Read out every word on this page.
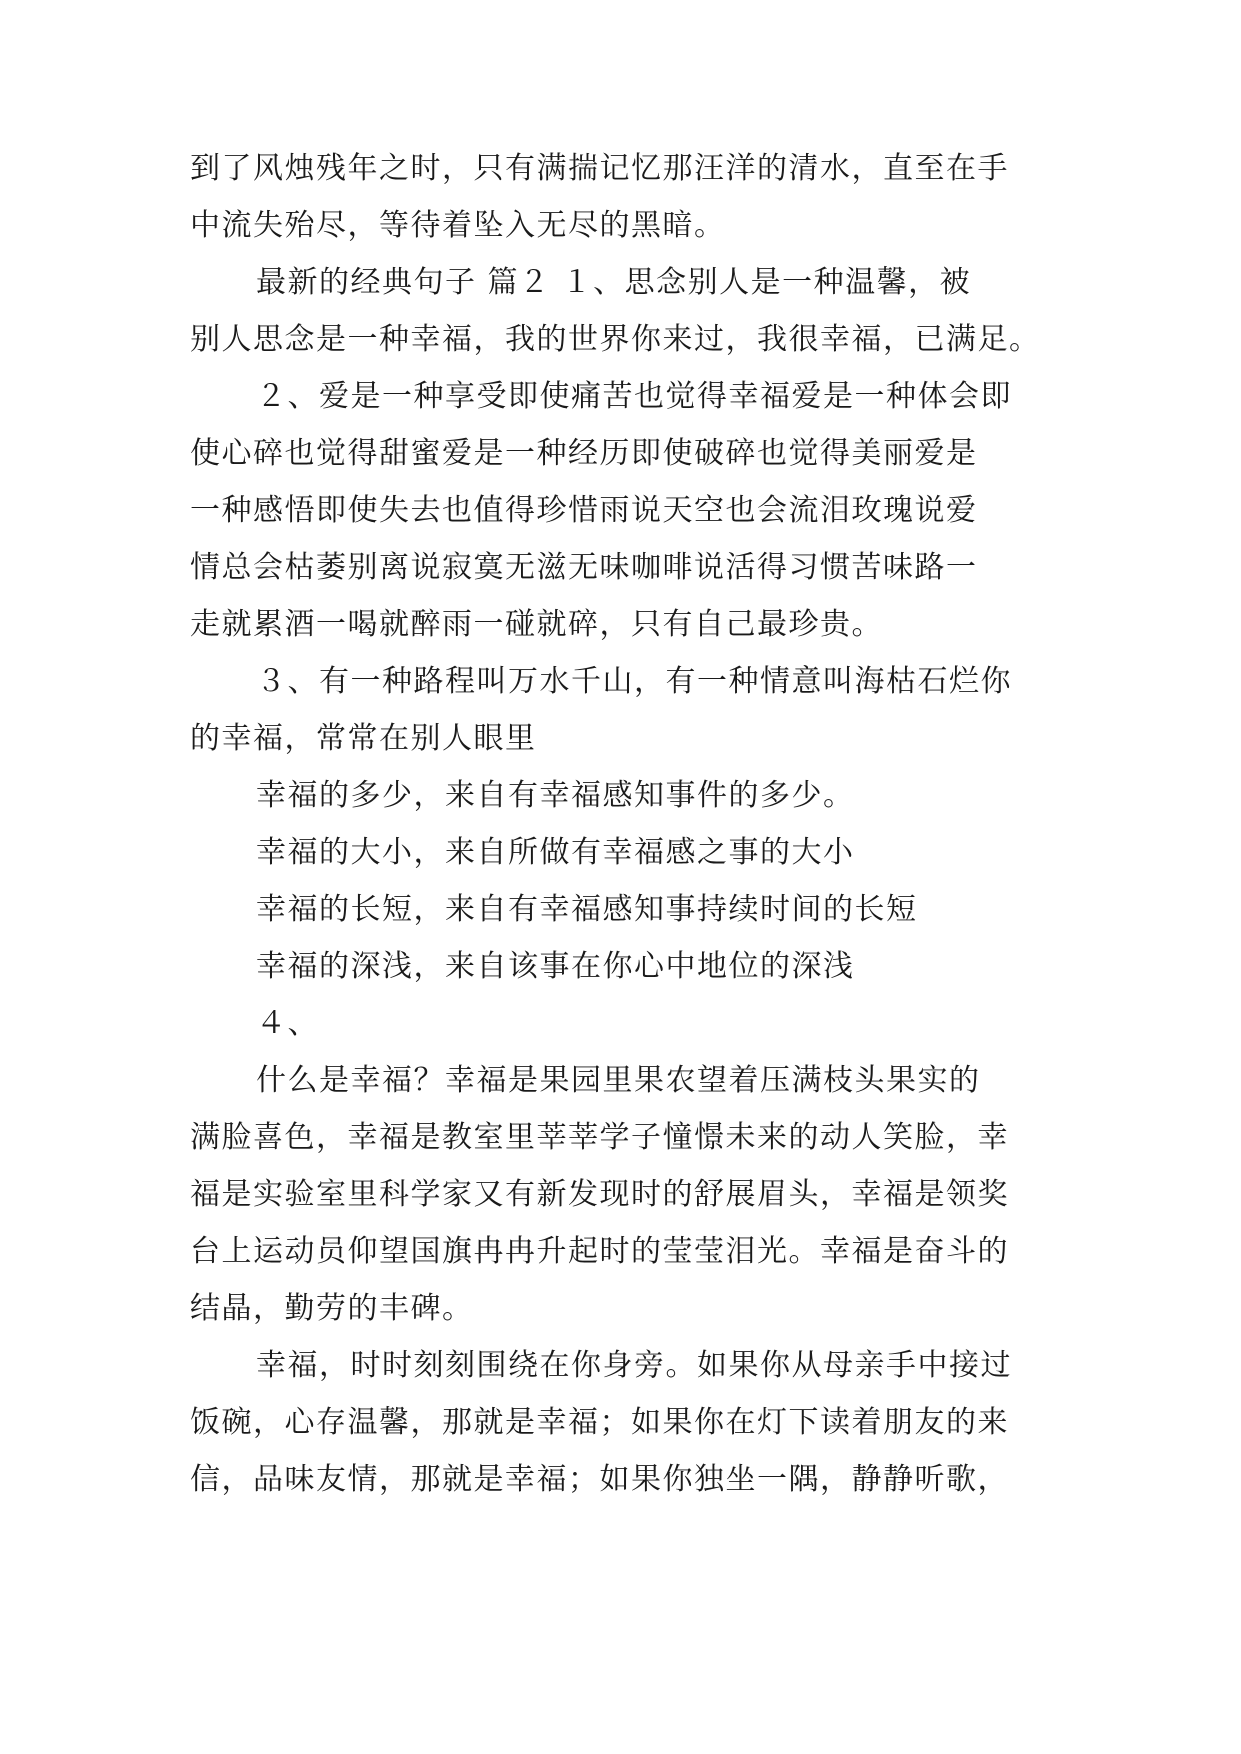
到了风烛残年之时，只有满揣记忆那汪洋的清水，直至在手
中流失殆尽，等待着坠入无尽的黑暗。
最新的经典句子 篇２ １、思念别人是一种温馨，被
别人思念是一种幸福，我的世界你来过，我很幸福，已满足。
２、爱是一种享受即使痛苦也觉得幸福爱是一种体会即
使心碎也觉得甜蜜爱是一种经历即使破碎也觉得美丽爱是
一种感悟即使失去也值得珍惜雨说天空也会流泪玫瑰说爱
情总会枯萎别离说寂寞无滋无味咖啡说活得习惯苦味路一
走就累酒一喝就醉雨一碰就碎，只有自己最珍贵。
３、有一种路程叫万水千山，有一种情意叫海枯石烂你
的幸福，常常在别人眼里
幸福的多少，来自有幸福感知事件的多少。
幸福的大小，来自所做有幸福感之事的大小
幸福的长短，来自有幸福感知事持续时间的长短
幸福的深浅，来自该事在你心中地位的深浅
４、
什么是幸福？幸福是果园里果农望着压满枝头果实的
满脸喜色，幸福是教室里莘莘学子憧憬未来的动人笑脸，幸
福是实验室里科学家又有新发现时的舒展眉头，幸福是领奖
台上运动员仰望国旗冉冉升起时的莹莹泪光。幸福是奋斗的
结晶，勤劳的丰碑。
幸福，时时刻刻围绕在你身旁。如果你从母亲手中接过
饭碗，心存温馨，那就是幸福；如果你在灯下读着朋友的来
信，品味友情，那就是幸福；如果你独坐一隅，静静听歌，
